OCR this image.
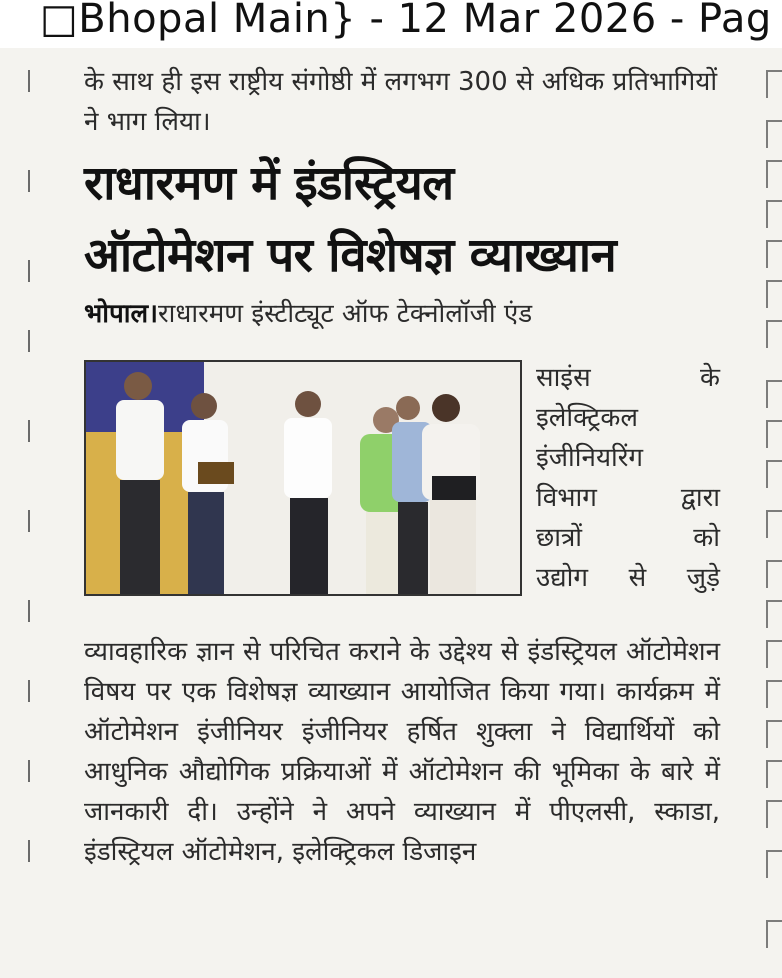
□Bhopal Main} - 12 Mar 2026 - Pag

के साथ ही इस राष्ट्रीय संगोष्ठी में लगभग 300 से अधिक प्रतिभागियों ने भाग लिया।

राधारमण में इंडस्ट्रियल
ऑटोमेशन पर विशेषज्ञ व्याख्यान

भोपाल।राधारमण इंस्टीट्यूट ऑफ टेक्नोलॉजी एंड

साइंस के
इलेक्ट्रिकल
इंजीनियरिंग
विभाग द्वारा
छात्रों को
उद्योग से जुड़े

व्यावहारिक ज्ञान से परिचित कराने के उद्देश्य से इंडस्ट्रियल ऑटोमेशन विषय पर एक विशेषज्ञ व्याख्यान आयोजित किया गया। कार्यक्रम में ऑटोमेशन इंजीनियर इंजीनियर हर्षित शुक्ला ने विद्यार्थियों को आधुनिक औद्योगिक प्रक्रियाओं में ऑटोमेशन की भूमिका के बारे में जानकारी दी। उन्होंने ने अपने व्याख्यान में पीएलसी, स्काडा, इंडस्ट्रियल ऑटोमेशन, इलेक्ट्रिकल डिजाइन
